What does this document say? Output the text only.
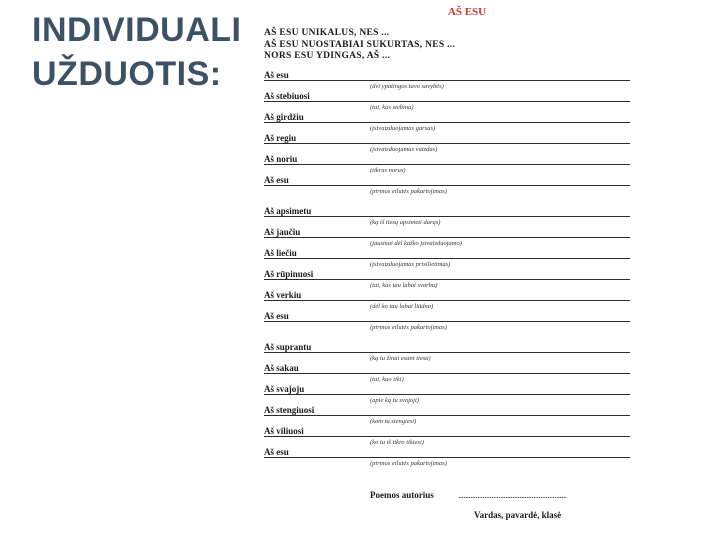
INDIVIDUALI
UŽDUOTIS:
AŠ ESU
AŠ ESU UNIKALUS, NES ...
AŠ ESU NUOSTABIAI SUKURTAS, NES ...
NORS ESU YDINGAS, AŠ ...
Aš esu
(dvi ypatingos tavo savybės)
Aš stebiuosi
(tai, kas stebina)
Aš girdžiu
(įsivaizduojamas garsas)
Aš regiu
(įsivaizduojamas vaizdas)
Aš noriu
(tikras noras)
Aš esu
(pirmos eilutės pakartojimas)
Aš apsimetu
(ką iš tiesų apsimeti darąs)
Aš jaučiu
(jausmai dėl kažko įsivaizduojamo)
Aš liečiu
(įsivaizduojamas prisilietimas)
Aš rūpinuosi
(tai, kas tau labai svarbu)
Aš verkiu
(dėl ko tau labai liūdna)
Aš esu
(pirmos eilutės pakartojimas)
Aš suprantu
(ką tu žinai esant tiesa)
Aš sakau
(tai, kuo tiki)
Aš svajoju
(apie ką tu svajoji)
Aš stengiuosi
(kam tu stengiesi)
Aš viliuosi
(ko tu iš tikro tikiesi)
Aš esu
(pirmos eilutės pakartojimas)
Poemos autorius	..............................................................
Vardas, pavardė, klasė
